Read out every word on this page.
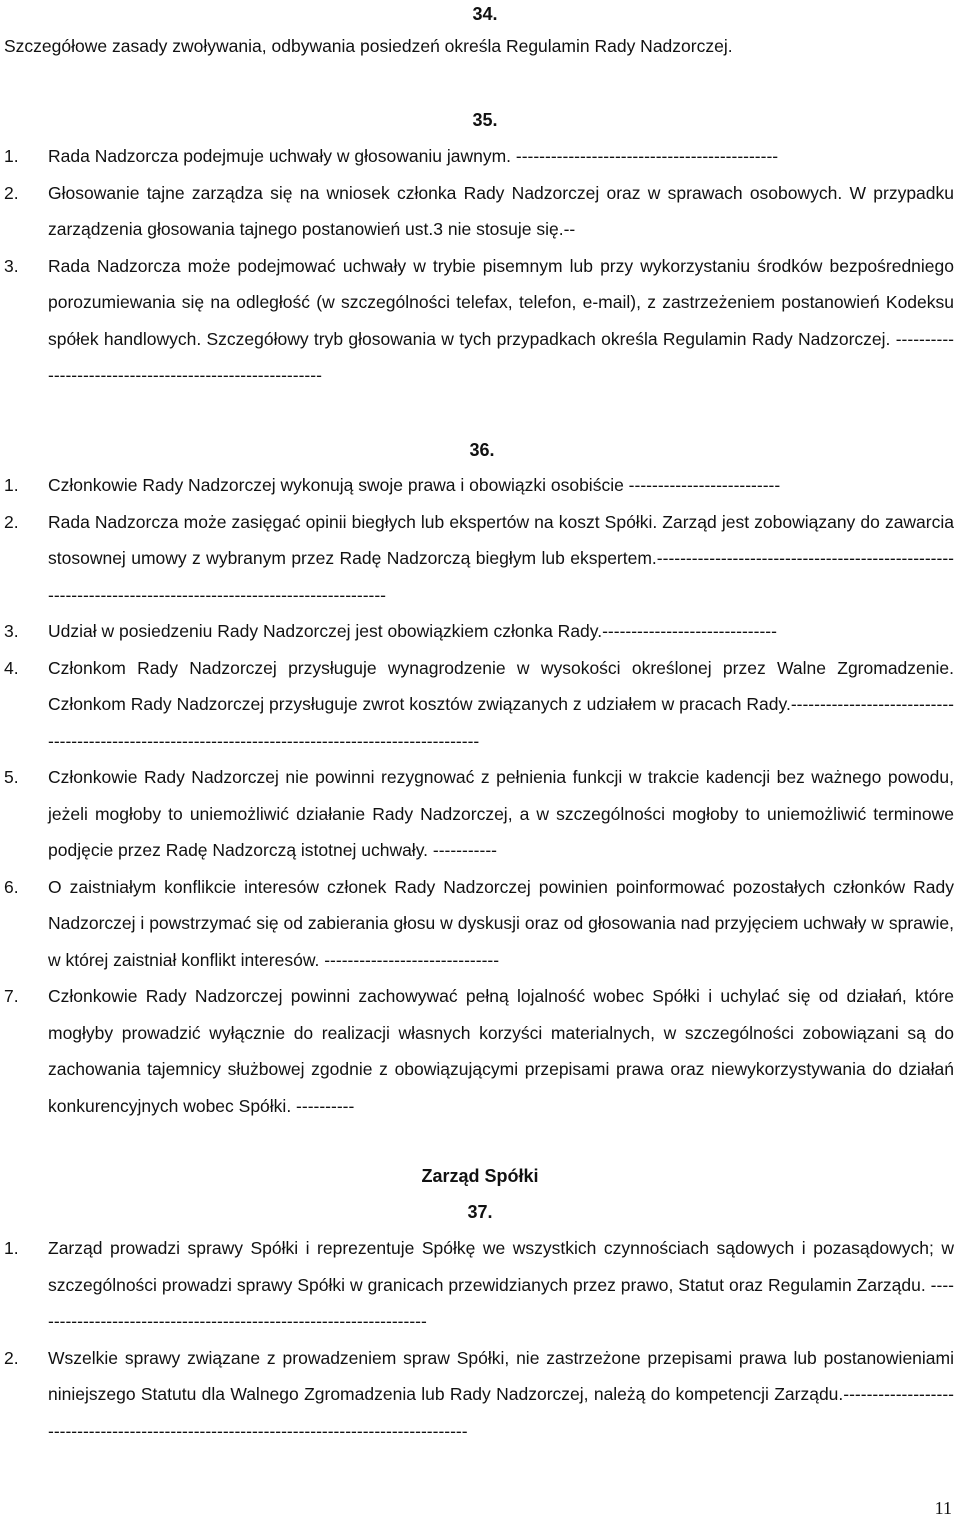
34.

Szczegółowe zasady zwoływania, odbywania posiedzeń określa Regulamin Rady Nadzorczej.

35.

1. Rada Nadzorcza podejmuje uchwały w głosowaniu jawnym. ---------------------------------------------
2. Głosowanie tajne zarządza się na wniosek członka Rady Nadzorczej oraz w sprawach osobowych. W przypadku zarządzenia głosowania tajnego postanowień ust.3 nie stosuje się.--
3. Rada Nadzorcza może podejmować uchwały w trybie pisemnym lub przy wykorzystaniu środków bezpośredniego porozumiewania się na odległość (w szczególności telefax, telefon, e-mail), z zastrzeżeniem postanowień Kodeksu spółek handlowych. Szczegółowy tryb głosowania w tych przypadkach określa Regulamin Rady Nadzorczej. ---------------------------------------------------------

36.

1. Członkowie Rady Nadzorczej wykonują swoje prawa i obowiązki osobiście --------------------------
2. Rada Nadzorcza może zasięgać opinii biegłych lub ekspertów na koszt Spółki. Zarząd jest zobowiązany do zawarcia stosownej umowy z wybranym przez Radę Nadzorczą biegłym lub ekspertem.-------------------------------------------------------------------------------------------------------------
3. Udział w posiedzeniu Rady Nadzorczej jest obowiązkiem członka Rady.------------------------------
4. Członkom Rady Nadzorczej przysługuje wynagrodzenie w wysokości określonej przez Walne Zgromadzenie. Członkom Rady Nadzorczej przysługuje zwrot kosztów związanych z udziałem w pracach Rady.------------------------------------------------------------------------------------------------------
5. Członkowie Rady Nadzorczej nie powinni rezygnować z pełnienia funkcji w trakcie kadencji bez ważnego powodu, jeżeli mogłoby to uniemożliwić działanie Rady Nadzorczej, a w szczególności mogłoby to uniemożliwić terminowe podjęcie przez Radę Nadzorczą istotnej uchwały. -----------
6. O zaistniałym konflikcie interesów członek Rady Nadzorczej powinien poinformować pozostałych członków Rady Nadzorczej i powstrzymać się od zabierania głosu w dyskusji oraz od głosowania nad przyjęciem uchwały w sprawie, w której zaistniał konflikt interesów. ------------------------------
7. Członkowie Rady Nadzorczej powinni zachowywać pełną lojalność wobec Spółki i uchylać się od działań, które mogłyby prowadzić wyłącznie do realizacji własnych korzyści materialnych, w szczególności zobowiązani są do zachowania tajemnicy służbowej zgodnie z obowiązującymi przepisami prawa oraz niewykorzystywania do działań konkurencyjnych wobec Spółki. ----------

Zarząd Spółki

37.

1. Zarząd prowadzi sprawy Spółki i reprezentuje Spółkę we wszystkich czynnościach sądowych i pozasądowych; w szczególności prowadzi sprawy Spółki w granicach przewidzianych przez prawo, Statut oraz Regulamin Zarządu. ---------------------------------------------------------------------
2. Wszelkie sprawy związane z prowadzeniem spraw Spółki, nie zastrzeżone przepisami prawa lub postanowieniami niniejszego Statutu dla Walnego Zgromadzenia lub Rady Nadzorczej, należą do kompetencji Zarządu.-------------------------------------------------------------------------------------------
11
